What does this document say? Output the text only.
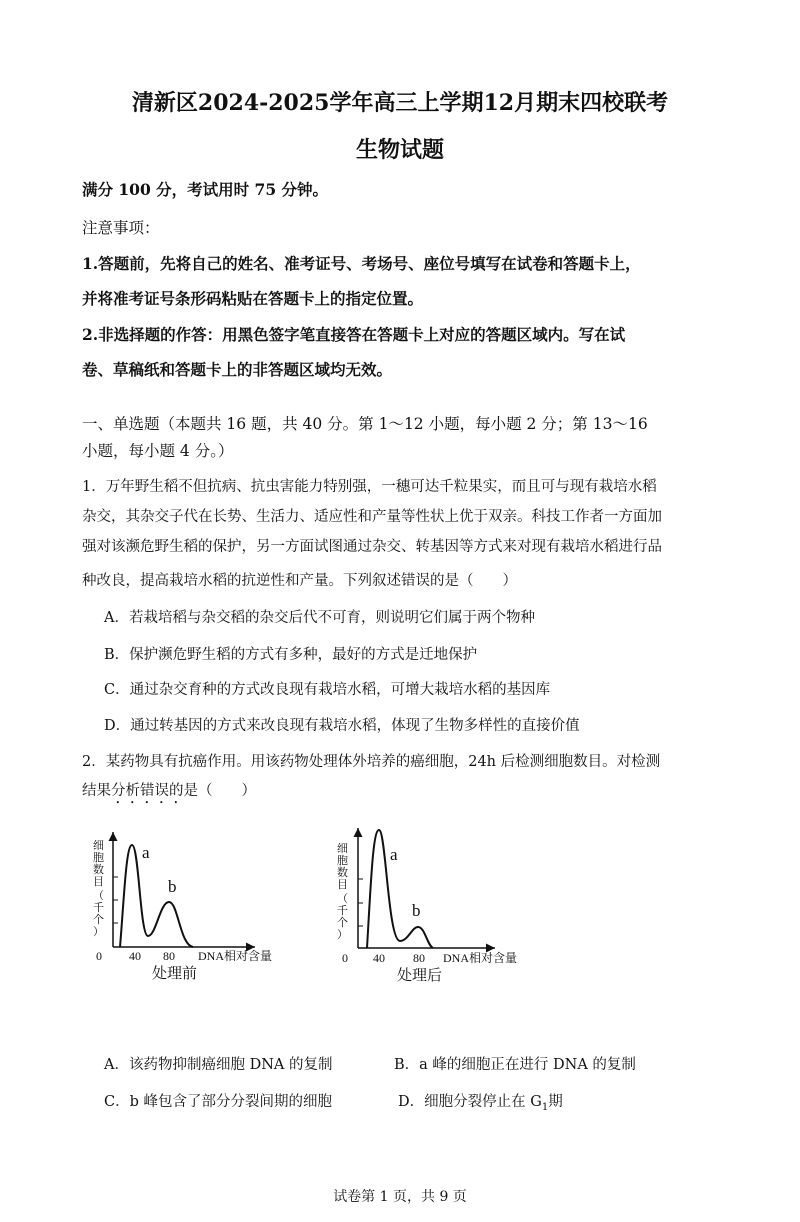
清新区2024-2025学年高三上学期12月期末四校联考
生物试题
满分 100 分，考试用时 75 分钟。
注意事项：
1.答题前，先将自己的姓名、准考证号、考场号、座位号填写在试卷和答题卡上，
并将准考证号条形码粘贴在答题卡上的指定位置。
2.非选择题的作答：用黑色签字笔直接答在答题卡上对应的答题区域内。写在试
卷、草稿纸和答题卡上的非答题区域均无效。
一、单选题（本题共 16 题，共 40 分。第 1～12 小题，每小题 2 分；第 13～16
小题，每小题 4 分。）
1．万年野生稻不但抗病、抗虫害能力特别强，一穗可达千粒果实，而且可与现有栽培水稻
杂交，其杂交子代在长势、生活力、适应性和产量等性状上优于双亲。科技工作者一方面加
强对该濒危野生稻的保护，另一方面试图通过杂交、转基因等方式来对现有栽培水稻进行品
种改良，提高栽培水稻的抗逆性和产量。下列叙述错误的是（　　）
A．若栽培稻与杂交稻的杂交后代不可育，则说明它们属于两个物种
B．保护濒危野生稻的方式有多种，最好的方式是迁地保护
C．通过杂交育种的方式改良现有栽培水稻，可增大栽培水稻的基因库
D．通过转基因的方式来改良现有栽培水稻，体现了生物多样性的直接价值
2．某药物具有抗癌作用。用该药物处理体外培养的癌细胞，24h 后检测细胞数目。对检测
结果分析错误的是（　　）
a
b
0 40 80 DNA相对含量
处理前
细
胞
数
目
（
千
个
）
a
b
0 40 80 DNA相对含量
处理后
细
胞
数
目
（
千
个
）
A．该药物抑制癌细胞 DNA 的复制	B．a 峰的细胞正在进行 DNA 的复制
C．b 峰包含了部分分裂间期的细胞	D．细胞分裂停止在 $G_1$期
试卷第 1 页，共 9 页
